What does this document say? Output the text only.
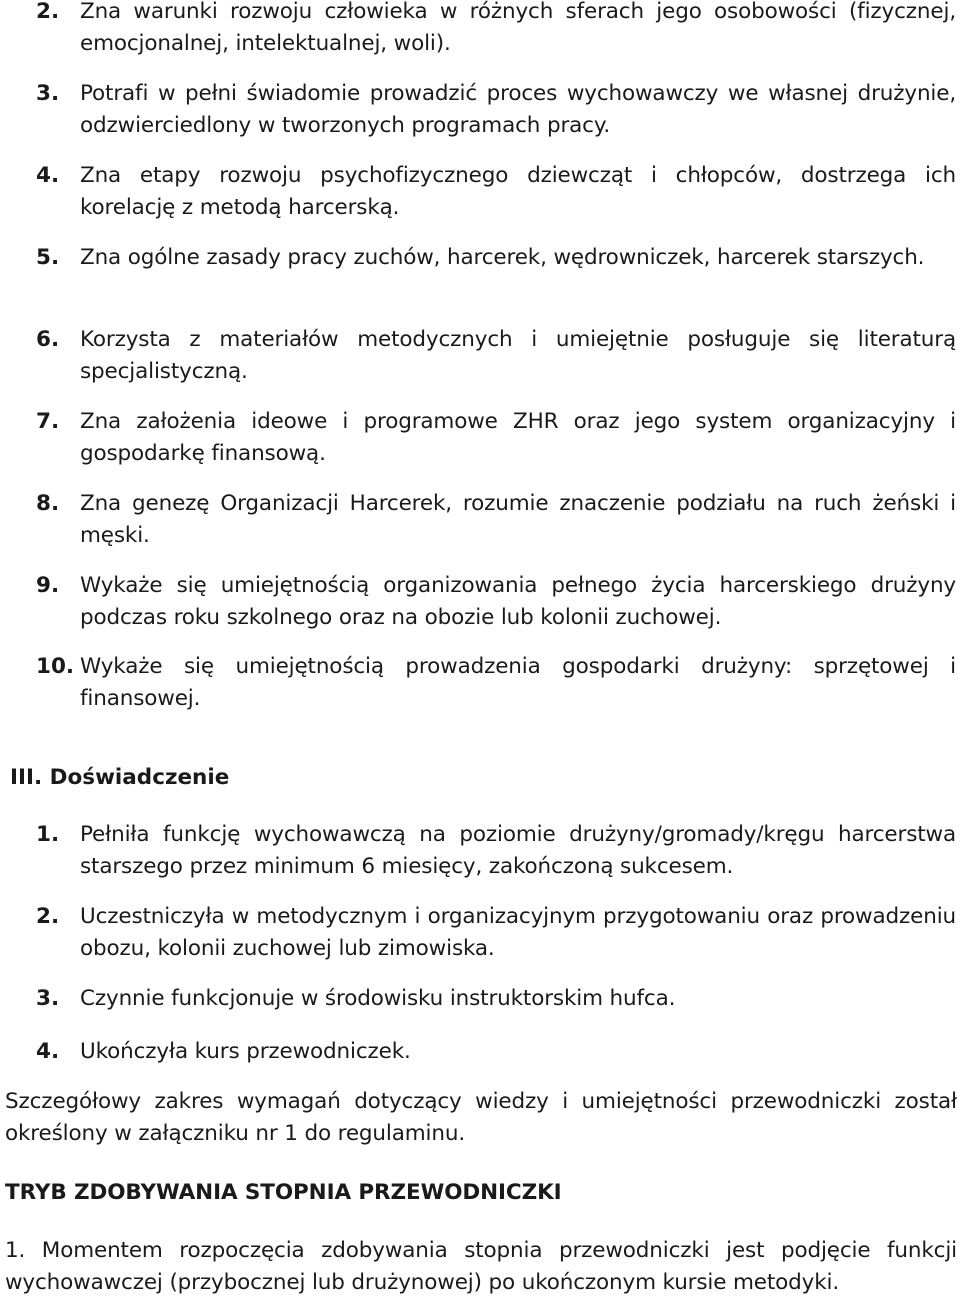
2. Zna warunki rozwoju człowieka w różnych sferach jego osobowości (fizycznej, emocjonalnej, intelektualnej, woli).
3. Potrafi w pełni świadomie prowadzić proces wychowawczy we własnej drużynie, odzwierciedlony w tworzonych programach pracy.
4. Zna etapy rozwoju psychofizycznego dziewcząt i chłopców, dostrzega ich korelację z metodą harcerską.
5. Zna ogólne zasady pracy zuchów, harcerek, wędrowniczek, harcerek starszych.
6. Korzysta z materiałów metodycznych i umiejętnie posługuje się literaturą specjalistyczną.
7. Zna założenia ideowe i programowe ZHR oraz jego system organizacyjny i gospodarkę finansową.
8. Zna genezę Organizacji Harcerek, rozumie znaczenie podziału na ruch żeński i męski.
9. Wykaże się umiejętnością organizowania pełnego życia harcerskiego drużyny podczas roku szkolnego oraz na obozie lub kolonii zuchowej.
10. Wykaże się umiejętnością prowadzenia gospodarki drużyny: sprzętowej i finansowej.
III. Doświadczenie
1. Pełniła funkcję wychowawczą na poziomie drużyny/gromady/kręgu harcerstwa starszego przez minimum 6 miesięcy, zakończoną sukcesem.
2. Uczestniczyła w metodycznym i organizacyjnym przygotowaniu oraz prowadzeniu obozu, kolonii zuchowej lub zimowiska.
3. Czynnie funkcjonuje w środowisku instruktorskim hufca.
4. Ukończyła kurs przewodniczek.
Szczegółowy zakres wymagań dotyczący wiedzy i umiejętności przewodniczki został określony w załączniku nr 1 do regulaminu.
TRYB ZDOBYWANIA STOPNIA PRZEWODNICZKI
1. Momentem rozpoczęcia zdobywania stopnia przewodniczki jest podjęcie funkcji wychowawczej (przybocznej lub drużynowej) po ukończonym kursie metodyki.
